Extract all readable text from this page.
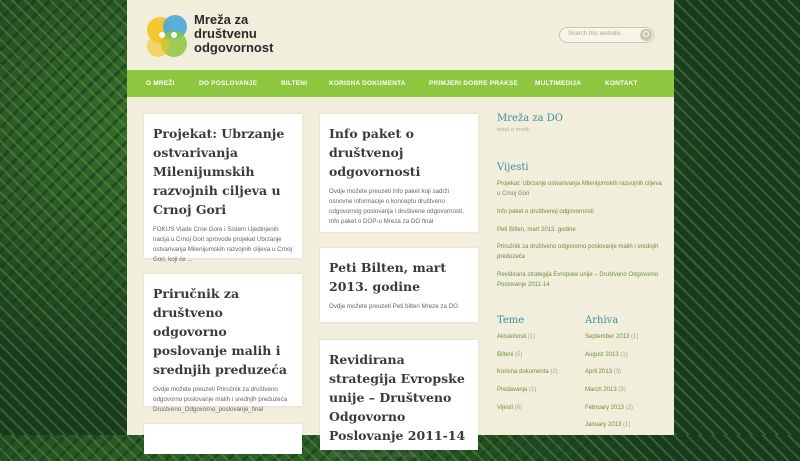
Mreža za
društvenu
odgovornost
Search this website...
O MREŽI	DO POSLOVANJE	BILTENI	KORISNA DOKUMENTA	PRIMJERI DOBRE PRAKSE	MULTIMEDIJA	KONTAKT
Projekat: Ubrzanje ostvarivanja Milenijumskih razvojnih ciljeva u Crnoj Gori
FOKUS Vlade Crne Gore i Sistem Ujedinjenih nacija u Crnoj Gori sprovode projekat Ubrzanje ostvarivanja Milenijumskih razvojnih ciljeva u Crnoj Gori, koji će ...
Priručnik za društveno odgovorno poslovanje malih i srednjih preduzeća
Ovdje možete preuzeti Priručnik za društveno odgovorno poslovanje malih i srednjih preduzeća Drustveno_Odgovorno_poslovanje_final
Info paket o društvenoj odgovornosti
Ovdje možete preuzeti Info paket koji sadrži osnovne informacije o konceptu društveno odgovornog poslovanja i društvene odgovornosti. Info paket o DOP-u Mreza za DO final
Peti Bilten, mart 2013. godine
Ovdje možete preuzeti Peti bilten Mreze za DO
Revidirana strategija Evropske unije – Društveno Odgovorno Poslovanje 2011-14
Ovdje možete preuzeti revidiranu...
Mreža za DO
tekst o mreži
Vijesti
Projekat: Ubrzanje ostvarivanja Milenijumskih razvojnih ciljeva u Crnoj Gori
Info paket o društvenoj odgovornosti
Peti Bilten, mart 2013. godine
Priručnik za društveno odgovorno poslovanje malih i srednjih preduzeća
Revidirana strategija Evropske unije – Društveno Odgovorno Poslovanje 2011-14
Teme
Aktuelnosti (1)
Bilteni (5)
Korisna dokumenta (2)
Predavanja (1)
Vijesti (8)
Arhiva
September 2013 (1)
August 2013 (1)
April 2013 (3)
March 2013 (3)
February 2013 (2)
January 2013 (1)
